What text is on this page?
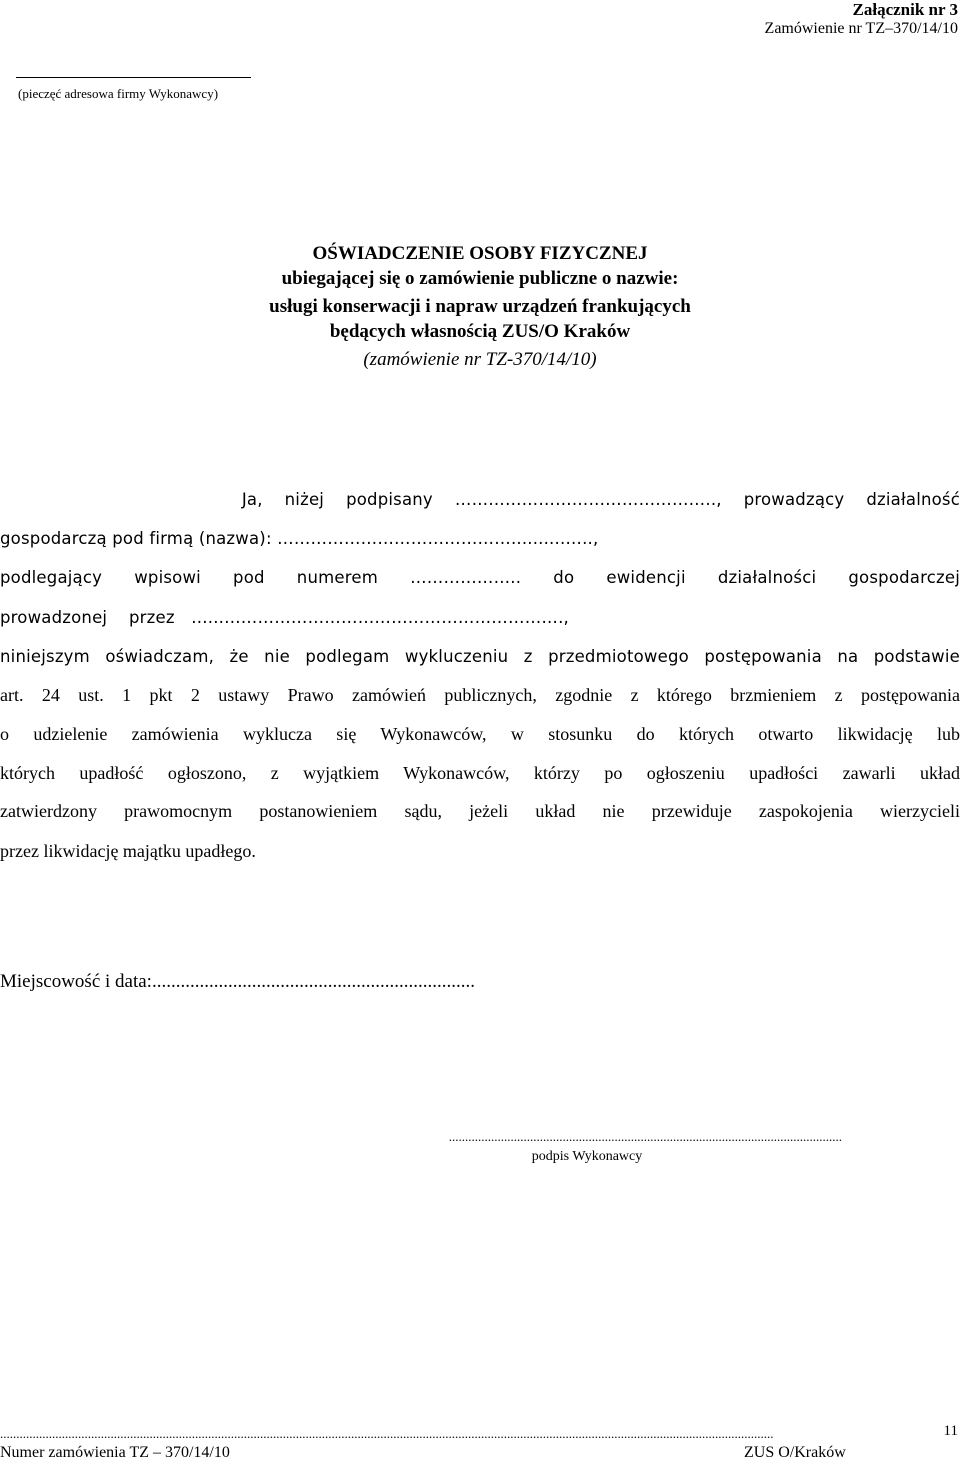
Załącznik nr 3
Zamówienie nr TZ–370/14/10
(pieczęć adresowa firmy Wykonawcy)
OŚWIADCZENIE OSOBY FIZYCZNEJ
ubiegającej się o zamówienie publiczne o nazwie:
usługi konserwacji i napraw urządzeń frankujących
będących własnością ZUS/O Kraków
(zamówienie nr TZ-370/14/10)
Ja, niżej podpisany ……………………………………….., prowadzący działalność
gospodarczą pod firmą (nazwa): ……………………………………..........…..,
podlegający wpisowi pod numerem ……………….. do ewidencji działalności gospodarczej
prowadzonej    przez   …...…………………………………………………….,
niniejszym oświadczam, że nie podlegam wykluczeniu z przedmiotowego postępowania na podstawie
art. 24 ust. 1 pkt 2 ustawy Prawo zamówień publicznych, zgodnie z którego brzmieniem z postępowania
o udzielenie zamówienia wyklucza się Wykonawców, w stosunku do których otwarto likwidację lub
których upadłość ogłoszono, z wyjątkiem Wykonawców, którzy po ogłoszeniu upadłości zawarli układ
zatwierdzony prawomocnym postanowieniem sądu, jeżeli układ nie przewiduje zaspokojenia wierzycieli
przez likwidację majątku upadłego.
Miejscowość i data:....................................................................
.........................................................................................................................
podpis Wykonawcy
..............................................................................................................................................................................................................................................	11
Numer zamówienia TZ – 370/14/10	ZUS O/Kraków
